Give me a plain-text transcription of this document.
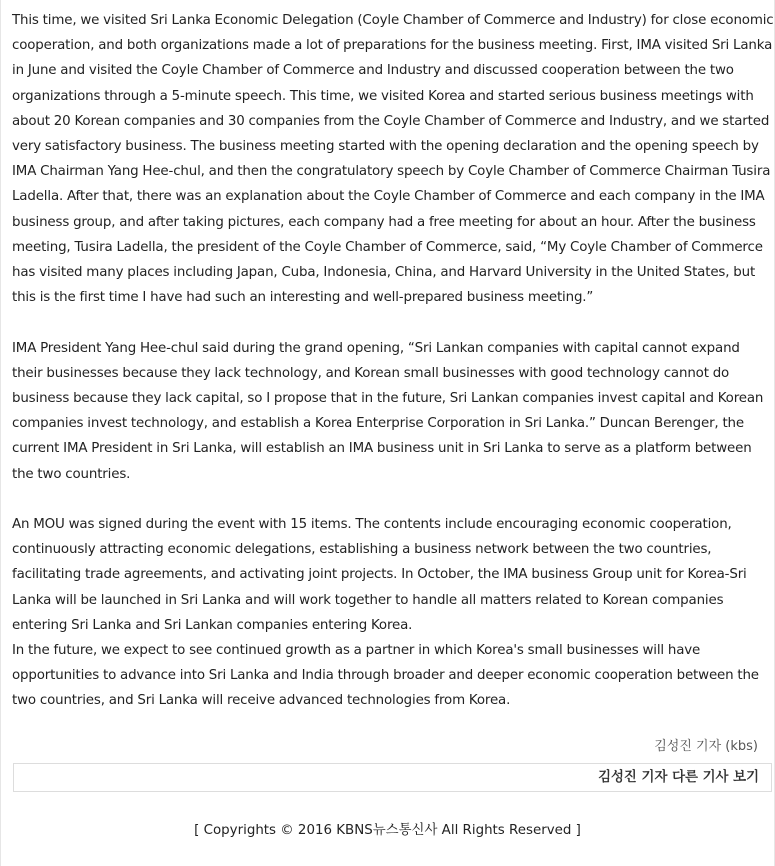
This time, we visited Sri Lanka Economic Delegation (Coyle Chamber of Commerce and Industry) for close economic cooperation, and both organizations made a lot of preparations for the business meeting. First, IMA visited Sri Lanka in June and visited the Coyle Chamber of Commerce and Industry and discussed cooperation between the two organizations through a 5-minute speech. This time, we visited Korea and started serious business meetings with about 20 Korean companies and 30 companies from the Coyle Chamber of Commerce and Industry, and we started very satisfactory business. The business meeting started with the opening declaration and the opening speech by IMA Chairman Yang Hee-chul, and then the congratulatory speech by Coyle Chamber of Commerce Chairman Tusira Ladella. After that, there was an explanation about the Coyle Chamber of Commerce and each company in the IMA business group, and after taking pictures, each company had a free meeting for about an hour. After the business meeting, Tusira Ladella, the president of the Coyle Chamber of Commerce, said, “My Coyle Chamber of Commerce has visited many places including Japan, Cuba, Indonesia, China, and Harvard University in the United States, but this is the first time I have had such an interesting and well-prepared business meeting.”

IMA President Yang Hee-chul said during the grand opening, “Sri Lankan companies with capital cannot expand their businesses because they lack technology, and Korean small businesses with good technology cannot do business because they lack capital, so I propose that in the future, Sri Lankan companies invest capital and Korean companies invest technology, and establish a Korea Enterprise Corporation in Sri Lanka.” Duncan Berenger, the current IMA President in Sri Lanka, will establish an IMA business unit in Sri Lanka to serve as a platform between the two countries.

An MOU was signed during the event with 15 items. The contents include encouraging economic cooperation, continuously attracting economic delegations, establishing a business network between the two countries, facilitating trade agreements, and activating joint projects. In October, the IMA business Group unit for Korea-Sri Lanka will be launched in Sri Lanka and will work together to handle all matters related to Korean companies entering Sri Lanka and Sri Lankan companies entering Korea.

In the future, we expect to see continued growth as a partner in which Korea's small businesses will have opportunities to advance into Sri Lanka and India through broader and deeper economic cooperation between the two countries, and Sri Lanka will receive advanced technologies from Korea.

김성진 기자 (kbs)
김성진 기자 다른 기사 보기
[ Copyrights © 2016 KBNS뉴스통신사 All Rights Reserved ]
